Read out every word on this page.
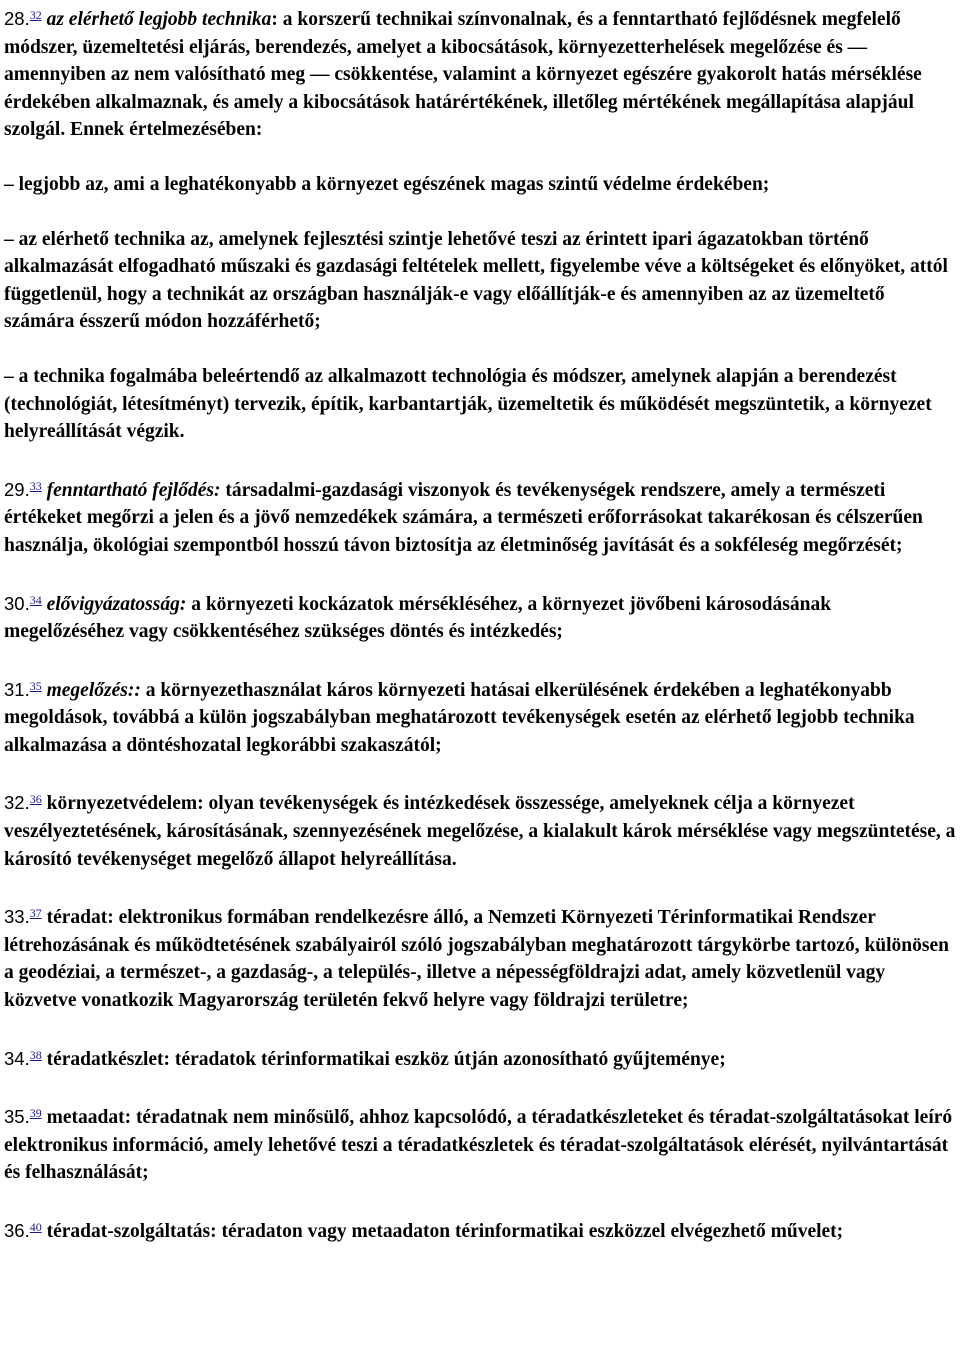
28.32 az elérhető legjobb technika: a korszerű technikai színvonalnak, és a fenntartható fejlődésnek megfelelő módszer, üzemeltetési eljárás, berendezés, amelyet a kibocsátások, környezetterhelések megelőzése és ― amennyiben az nem valósítható meg ― csökkentése, valamint a környezet egészére gyakorolt hatás mérséklése érdekében alkalmaznak, és amely a kibocsátások határértékének, illetőleg mértékének megállapítása alapjául szolgál. Ennek értelmezésében:

– legjobb az, ami a leghatékonyabb a környezet egészének magas szintű védelme érdekében;

– az elérhető technika az, amelynek fejlesztési szintje lehetővé teszi az érintett ipari ágazatokban történő alkalmazását elfogadható műszaki és gazdasági feltételek mellett, figyelembe véve a költségeket és előnyöket, attól függetlenül, hogy a technikát az országban használják-e vagy előállítják-e és amennyiben az az üzemeltető számára ésszerű módon hozzáférhető;

– a technika fogalmába beleértendő az alkalmazott technológia és módszer, amelynek alapján a berendezést (technológiát, létesítményt) tervezik, építik, karbantartják, üzemeltetik és működését megszüntetik, a környezet helyreállítását végzik.

29.33 fenntartható fejlődés: társadalmi-gazdasági viszonyok és tevékenységek rendszere, amely a természeti értékeket megőrzi a jelen és a jövő nemzedékek számára, a természeti erőforrásokat takarékosan és célszerűen használja, ökológiai szempontból hosszú távon biztosítja az életminőség javítását és a sokféleség megőrzését;

30.34 elővigyázatosság: a környezeti kockázatok mérsékléséhez, a környezet jövőbeni károsodásának megelőzéséhez vagy csökkentéséhez szükséges döntés és intézkedés;

31.35 megelőzés:: a környezethasználat káros környezeti hatásai elkerülésének érdekében a leghatékonyabb megoldások, továbbá a külön jogszabályban meghatározott tevékenységek esetén az elérhető legjobb technika alkalmazása a döntéshozatal legkorábbi szakaszától;

32.36 környezetvédelem: olyan tevékenységek és intézkedések összessége, amelyeknek célja a környezet veszélyeztetésének, károsításának, szennyezésének megelőzése, a kialakult károk mérséklése vagy megszüntetése, a károsító tevékenységet megelőző állapot helyreállítása.

33.37 téradat: elektronikus formában rendelkezésre álló, a Nemzeti Környezeti Térinformatikai Rendszer létrehozásának és működtetésének szabályairól szóló jogszabályban meghatározott tárgykörbe tartozó, különösen a geodéziai, a természet-, a gazdaság-, a település-, illetve a népességföldrajzi adat, amely közvetlenül vagy közvetve vonatkozik Magyarország területén fekvő helyre vagy földrajzi területre;

34.38 téradatkészlet: téradatok térinformatikai eszköz útján azonosítható gyűjteménye;

35.39 metaadat: téradatnak nem minősülő, ahhoz kapcsolódó, a téradatkészleteket és téradat-szolgáltatásokat leíró elektronikus információ, amely lehetővé teszi a téradatkészletek és téradat-szolgáltatások elérését, nyilvántartását és felhasználását;

36.40 téradat-szolgáltatás: téradaton vagy metaadaton térinformatikai eszközzel elvégezhető művelet;
